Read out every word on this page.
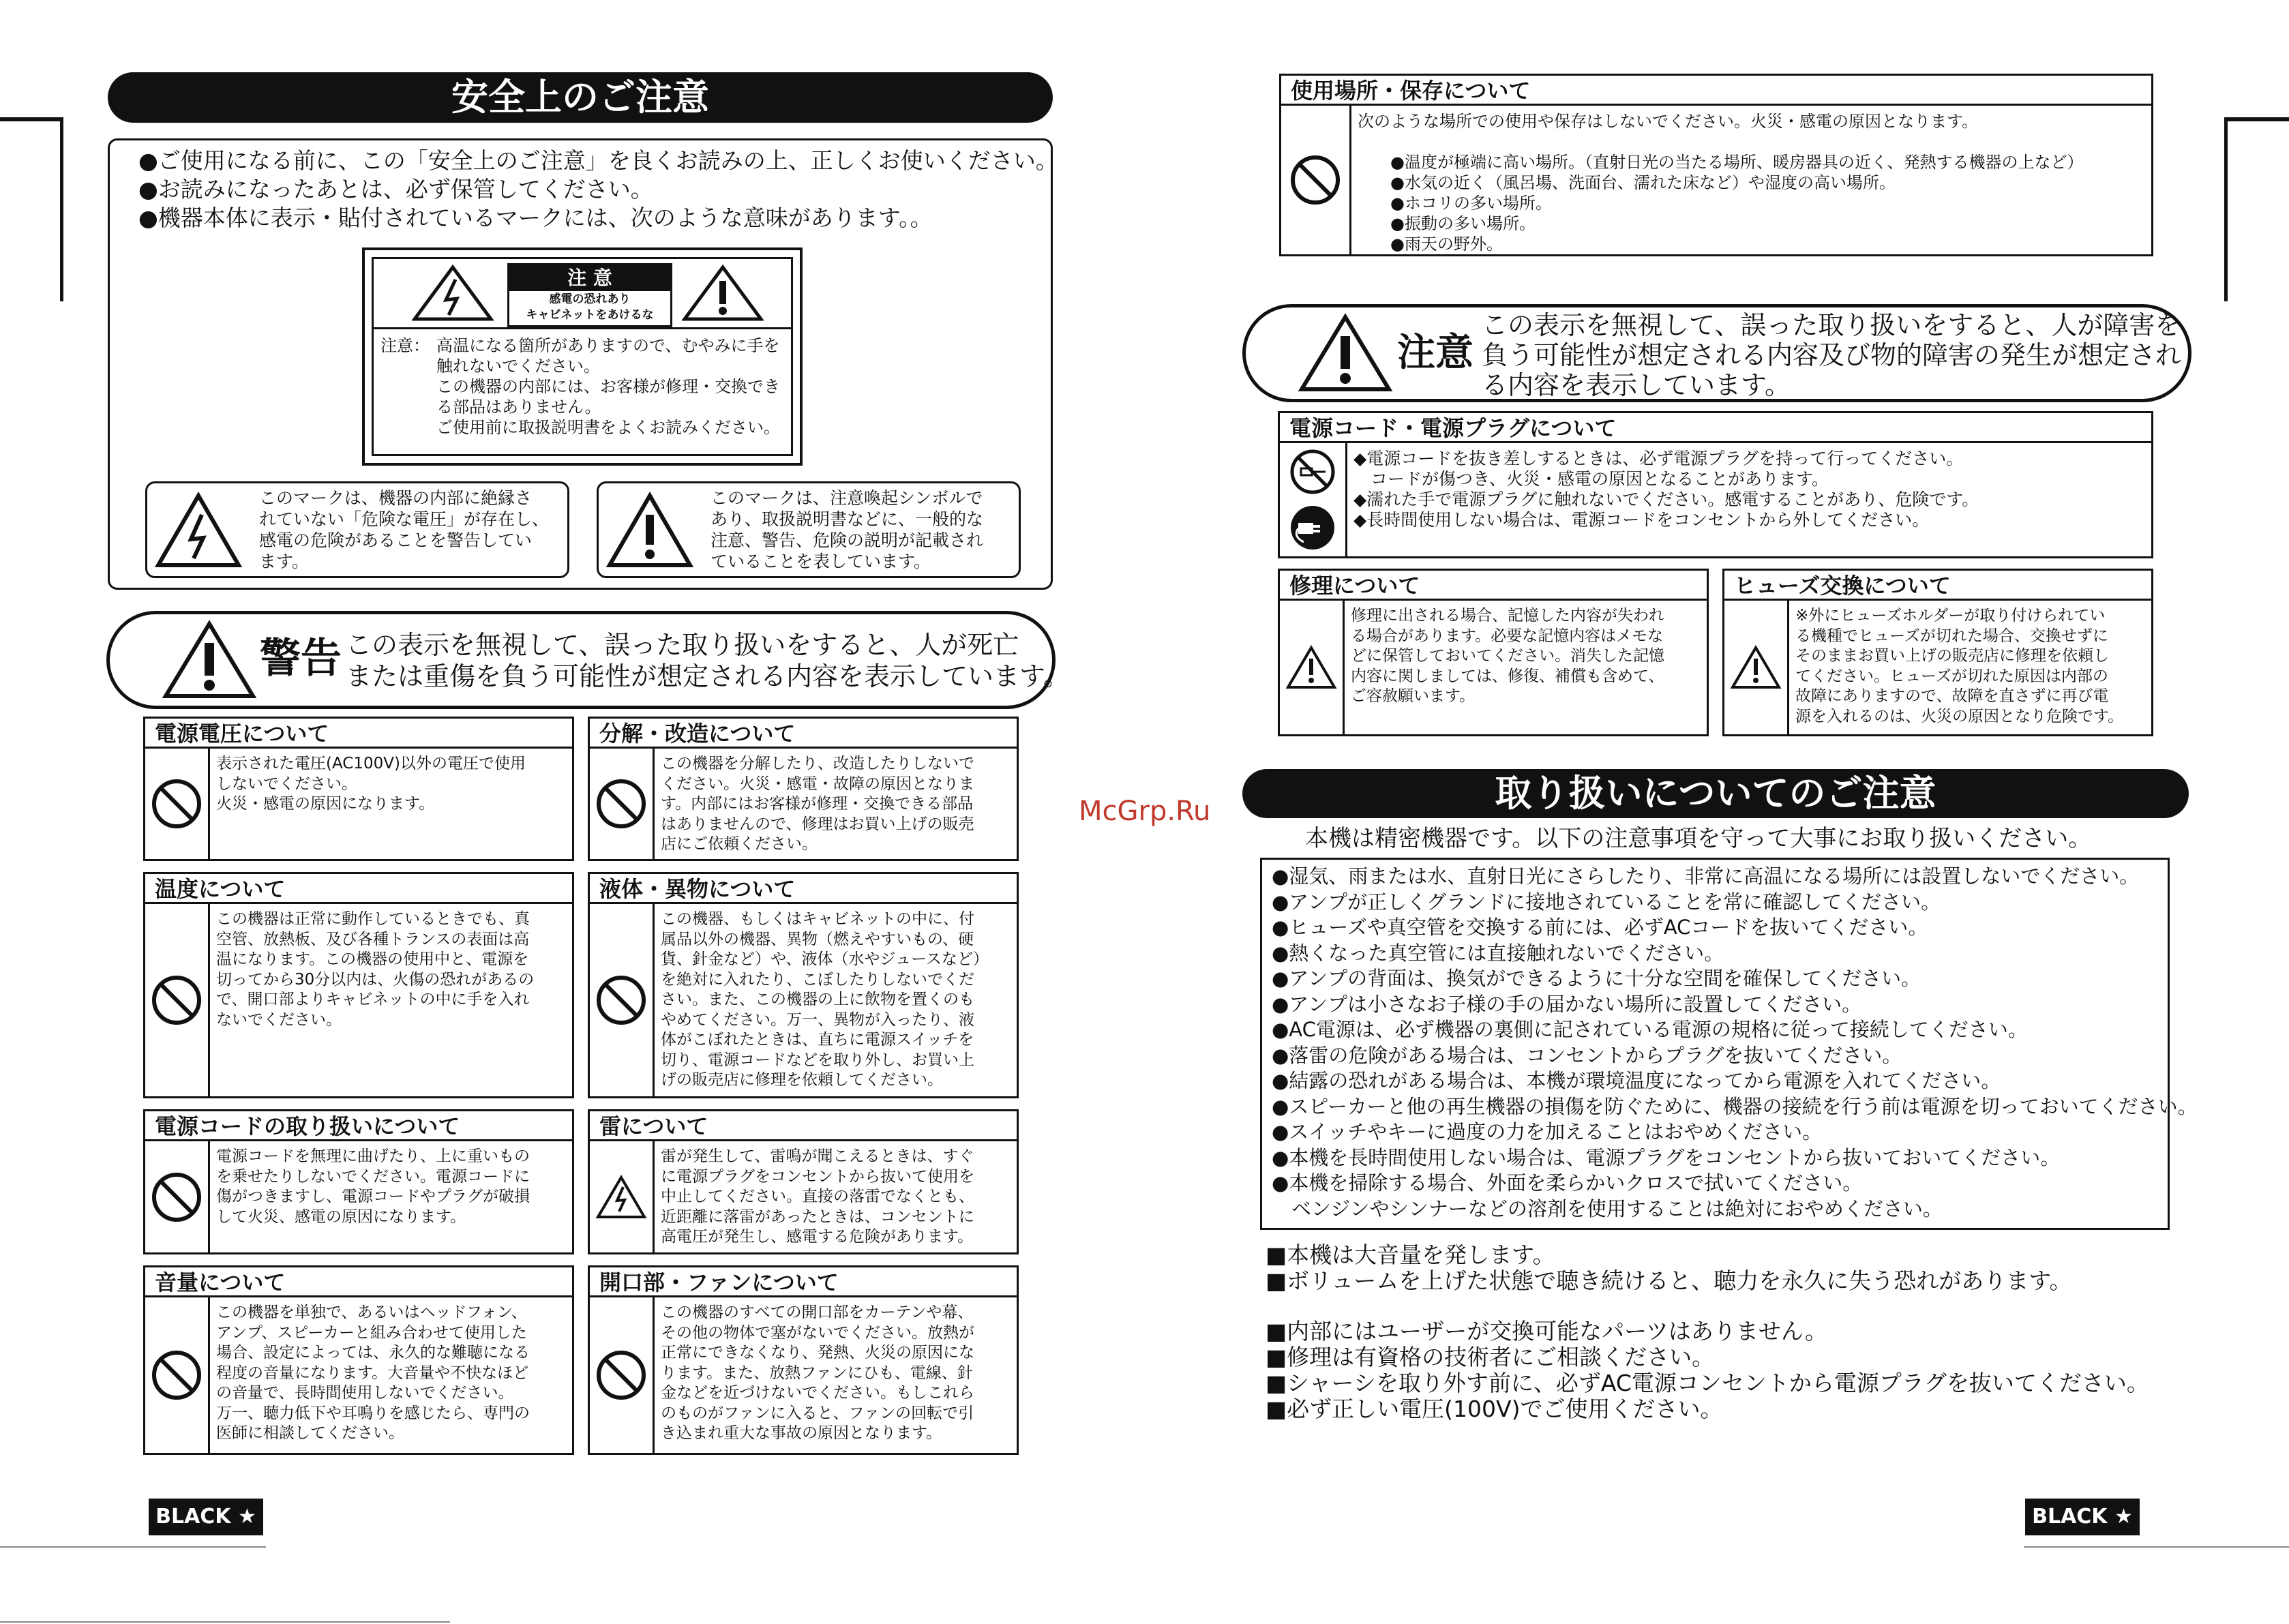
安全上のご注意
●ご使用になる前に、この「安全上のご注意」を良くお読みの上、正しくお使いください。
●お読みになったあとは、必ず保管してください。
●機器本体に表示・貼付されているマークには、次のような意味があります。。
注 意
感電の恐れあり
キャビネットをあけるな
注意： 高温になる箇所がありますので、むやみに手を
触れないでください。
この機器の内部には、お客様が修理・交換でき
る部品はありません。
ご使用前に取扱説明書をよくお読みください。
このマークは、機器の内部に絶縁さ
れていない「危険な電圧」が存在し、
感電の危険があることを警告してい
ます。
このマークは、注意喚起シンボルで
あり、取扱説明書などに、一般的な
注意、警告、危険の説明が記載され
ていることを表しています。
警告 この表示を無視して、誤った取り扱いをすると、人が死亡
または重傷を負う可能性が想定される内容を表示しています。
電源電圧について
表示された電圧(AC100V)以外の電圧で使用
しないでください。
火災・感電の原因になります。
分解・改造について
この機器を分解したり、改造したりしないで
ください。火災・感電・故障の原因となりま
す。内部にはお客様が修理・交換できる部品
はありませんので、修理はお買い上げの販売
店にご依頼ください。
温度について
この機器は正常に動作しているときでも、真
空管、放熱板、及び各種トランスの表面は高
温になります。この機器の使用中と、電源を
切ってから30分以内は、火傷の恐れがあるの
で、開口部よりキャビネットの中に手を入れ
ないでください。
液体・異物について
この機器、もしくはキャビネットの中に、付
属品以外の機器、異物（燃えやすいもの、硬
貨、針金など）や、液体（水やジュースなど）
を絶対に入れたり、こぼしたりしないでくだ
さい。また、この機器の上に飲物を置くのも
やめてください。万一、異物が入ったり、液
体がこぼれたときは、直ちに電源スイッチを
切り、電源コードなどを取り外し、お買い上
げの販売店に修理を依頼してください。
電源コードの取り扱いについて
電源コードを無理に曲げたり、上に重いもの
を乗せたりしないでください。電源コードに
傷がつきますし、電源コードやプラグが破損
して火災、感電の原因になります。
雷について
雷が発生して、雷鳴が聞こえるときは、すぐ
に電源プラグをコンセントから抜いて使用を
中止してください。直接の落雷でなくとも、
近距離に落雷があったときは、コンセントに
高電圧が発生し、感電する危険があります。
音量について
この機器を単独で、あるいはヘッドフォン、
アンプ、スピーカーと組み合わせて使用した
場合、設定によっては、永久的な難聴になる
程度の音量になります。大音量や不快なほど
の音量で、長時間使用しないでください。
万一、聴力低下や耳鳴りを感じたら、専門の
医師に相談してください。
開口部・ファンについて
この機器のすべての開口部をカーテンや幕、
その他の物体で塞がないでください。放熱が
正常にできなくなり、発熱、火災の原因にな
ります。また、放熱ファンにひも、電線、針
金などを近づけないでください。もしこれら
のものがファンに入ると、ファンの回転で引
き込まれ重大な事故の原因となります。
BLACK ★
McGrp.Ru
使用場所・保存について
次のような場所での使用や保存はしないでください。火災・感電の原因となります。
●温度が極端に高い場所。（直射日光の当たる場所、暖房器具の近く、発熱する機器の上など）
●水気の近く（風呂場、洗面台、濡れた床など）や湿度の高い場所。
●ホコリの多い場所。
●振動の多い場所。
●雨天の野外。
注意
この表示を無視して、誤った取り扱いをすると、人が障害を
負う可能性が想定される内容及び物的障害の発生が想定され
る内容を表示しています。
電源コード・電源プラグについて
◆電源コードを抜き差しするときは、必ず電源プラグを持って行ってください。
　コードが傷つき、火災・感電の原因となることがあります。
◆濡れた手で電源プラグに触れないでください。感電することがあり、危険です。
◆長時間使用しない場合は、電源コードをコンセントから外してください。
修理について
修理に出される場合、記憶した内容が失われ
る場合があります。必要な記憶内容はメモな
どに保管しておいてください。消失した記憶
内容に関しましては、修復、補償も含めて、
ご容赦願います。
ヒューズ交換について
※外にヒューズホルダーが取り付けられてい
る機種でヒューズが切れた場合、交換せずに
そのままお買い上げの販売店に修理を依頼し
てください。ヒューズが切れた原因は内部の
故障にありますので、故障を直さずに再び電
源を入れるのは、火災の原因となり危険です。
取り扱いについてのご注意
本機は精密機器です。以下の注意事項を守って大事にお取り扱いください。
●湿気、雨または水、直射日光にさらしたり、非常に高温になる場所には設置しないでください。
●アンプが正しくグランドに接地されていることを常に確認してください。
●ヒューズや真空管を交換する前には、必ずACコードを抜いてください。
●熱くなった真空管には直接触れないでください。
●アンプの背面は、換気ができるように十分な空間を確保してください。
●アンプは小さなお子様の手の届かない場所に設置してください。
●AC電源は、必ず機器の裏側に記されている電源の規格に従って接続してください。
●落雷の危険がある場合は、コンセントからプラグを抜いてください。
●結露の恐れがある場合は、本機が環境温度になってから電源を入れてください。
●スピーカーと他の再生機器の損傷を防ぐために、機器の接続を行う前は電源を切っておいてください。
●スイッチやキーに過度の力を加えることはおやめください。
●本機を長時間使用しない場合は、電源プラグをコンセントから抜いておいてください。
●本機を掃除する場合、外面を柔らかいクロスで拭いてください。
　ベンジンやシンナーなどの溶剤を使用することは絶対におやめください。
■本機は大音量を発します。
■ボリュームを上げた状態で聴き続けると、聴力を永久に失う恐れがあります。
■内部にはユーザーが交換可能なパーツはありません。
■修理は有資格の技術者にご相談ください。
■シャーシを取り外す前に、必ずAC電源コンセントから電源プラグを抜いてください。
■必ず正しい電圧(100V)でご使用ください。
BLACK ★
